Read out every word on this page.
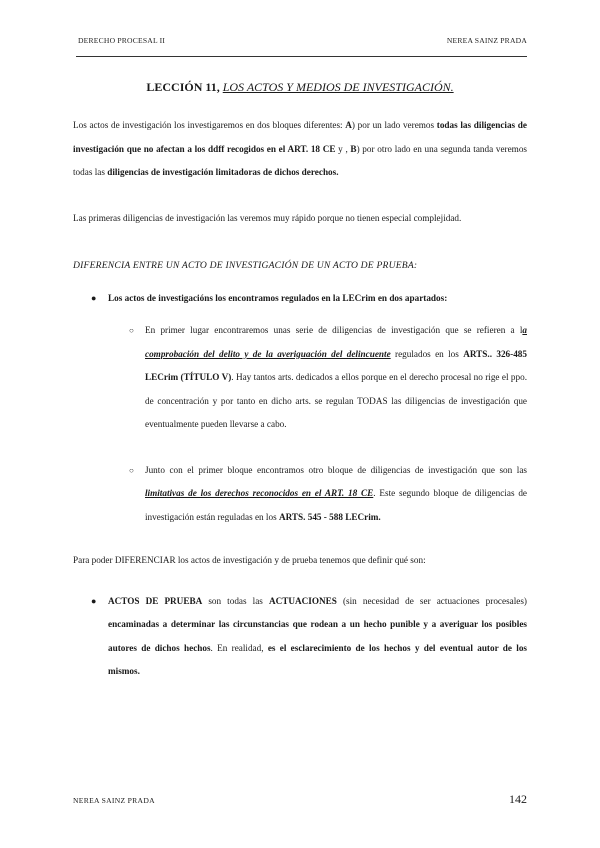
DERECHO PROCESAL II	NEREA SAINZ PRADA
LECCIÓN 11, LOS ACTOS Y MEDIOS DE INVESTIGACIÓN.

Los actos de investigación los investigaremos en dos bloques diferentes: A) por un lado veremos todas las diligencias de investigación que no afectan a los ddff recogidos en el ART. 18 CE y , B) por otro lado en una segunda tanda veremos todas las diligencias de investigación limitadoras de dichos derechos.

Las primeras diligencias de investigación las veremos muy rápido porque no tienen especial complejidad.

DIFERENCIA ENTRE UN ACTO DE INVESTIGACIÓN DE UN ACTO DE PRUEBA:

● Los actos de investigacións los encontramos regulados en la LECrim en dos apartados:

○ En primer lugar encontraremos unas serie de diligencias de investigación que se refieren a la comprobación del delito y de la averiguación del delincuente regulados en los ARTS.. 326-485 LECrim (TÍTULO V). Hay tantos arts. dedicados a ellos porque en el derecho procesal no rige el ppo. de concentración y por tanto en dicho arts. se regulan TODAS las diligencias de investigación que eventualmente pueden llevarse a cabo.

○ Junto con el primer bloque encontramos otro bloque de diligencias de investigación que son las limitativas de los derechos reconocidos en el ART. 18 CE. Este segundo bloque de diligencias de investigación están reguladas en los ARTS. 545 - 588 LECrim.

Para poder DIFERENCIAR los actos de investigación y de prueba tenemos que definir qué son:

● ACTOS DE PRUEBA son todas las ACTUACIONES (sin necesidad de ser actuaciones procesales) encaminadas a determinar las circunstancias que rodean a un hecho punible y a averiguar los posibles autores de dichos hechos. En realidad, es el esclarecimiento de los hechos y del eventual autor de los mismos.

NEREA SAINZ PRADA	142
